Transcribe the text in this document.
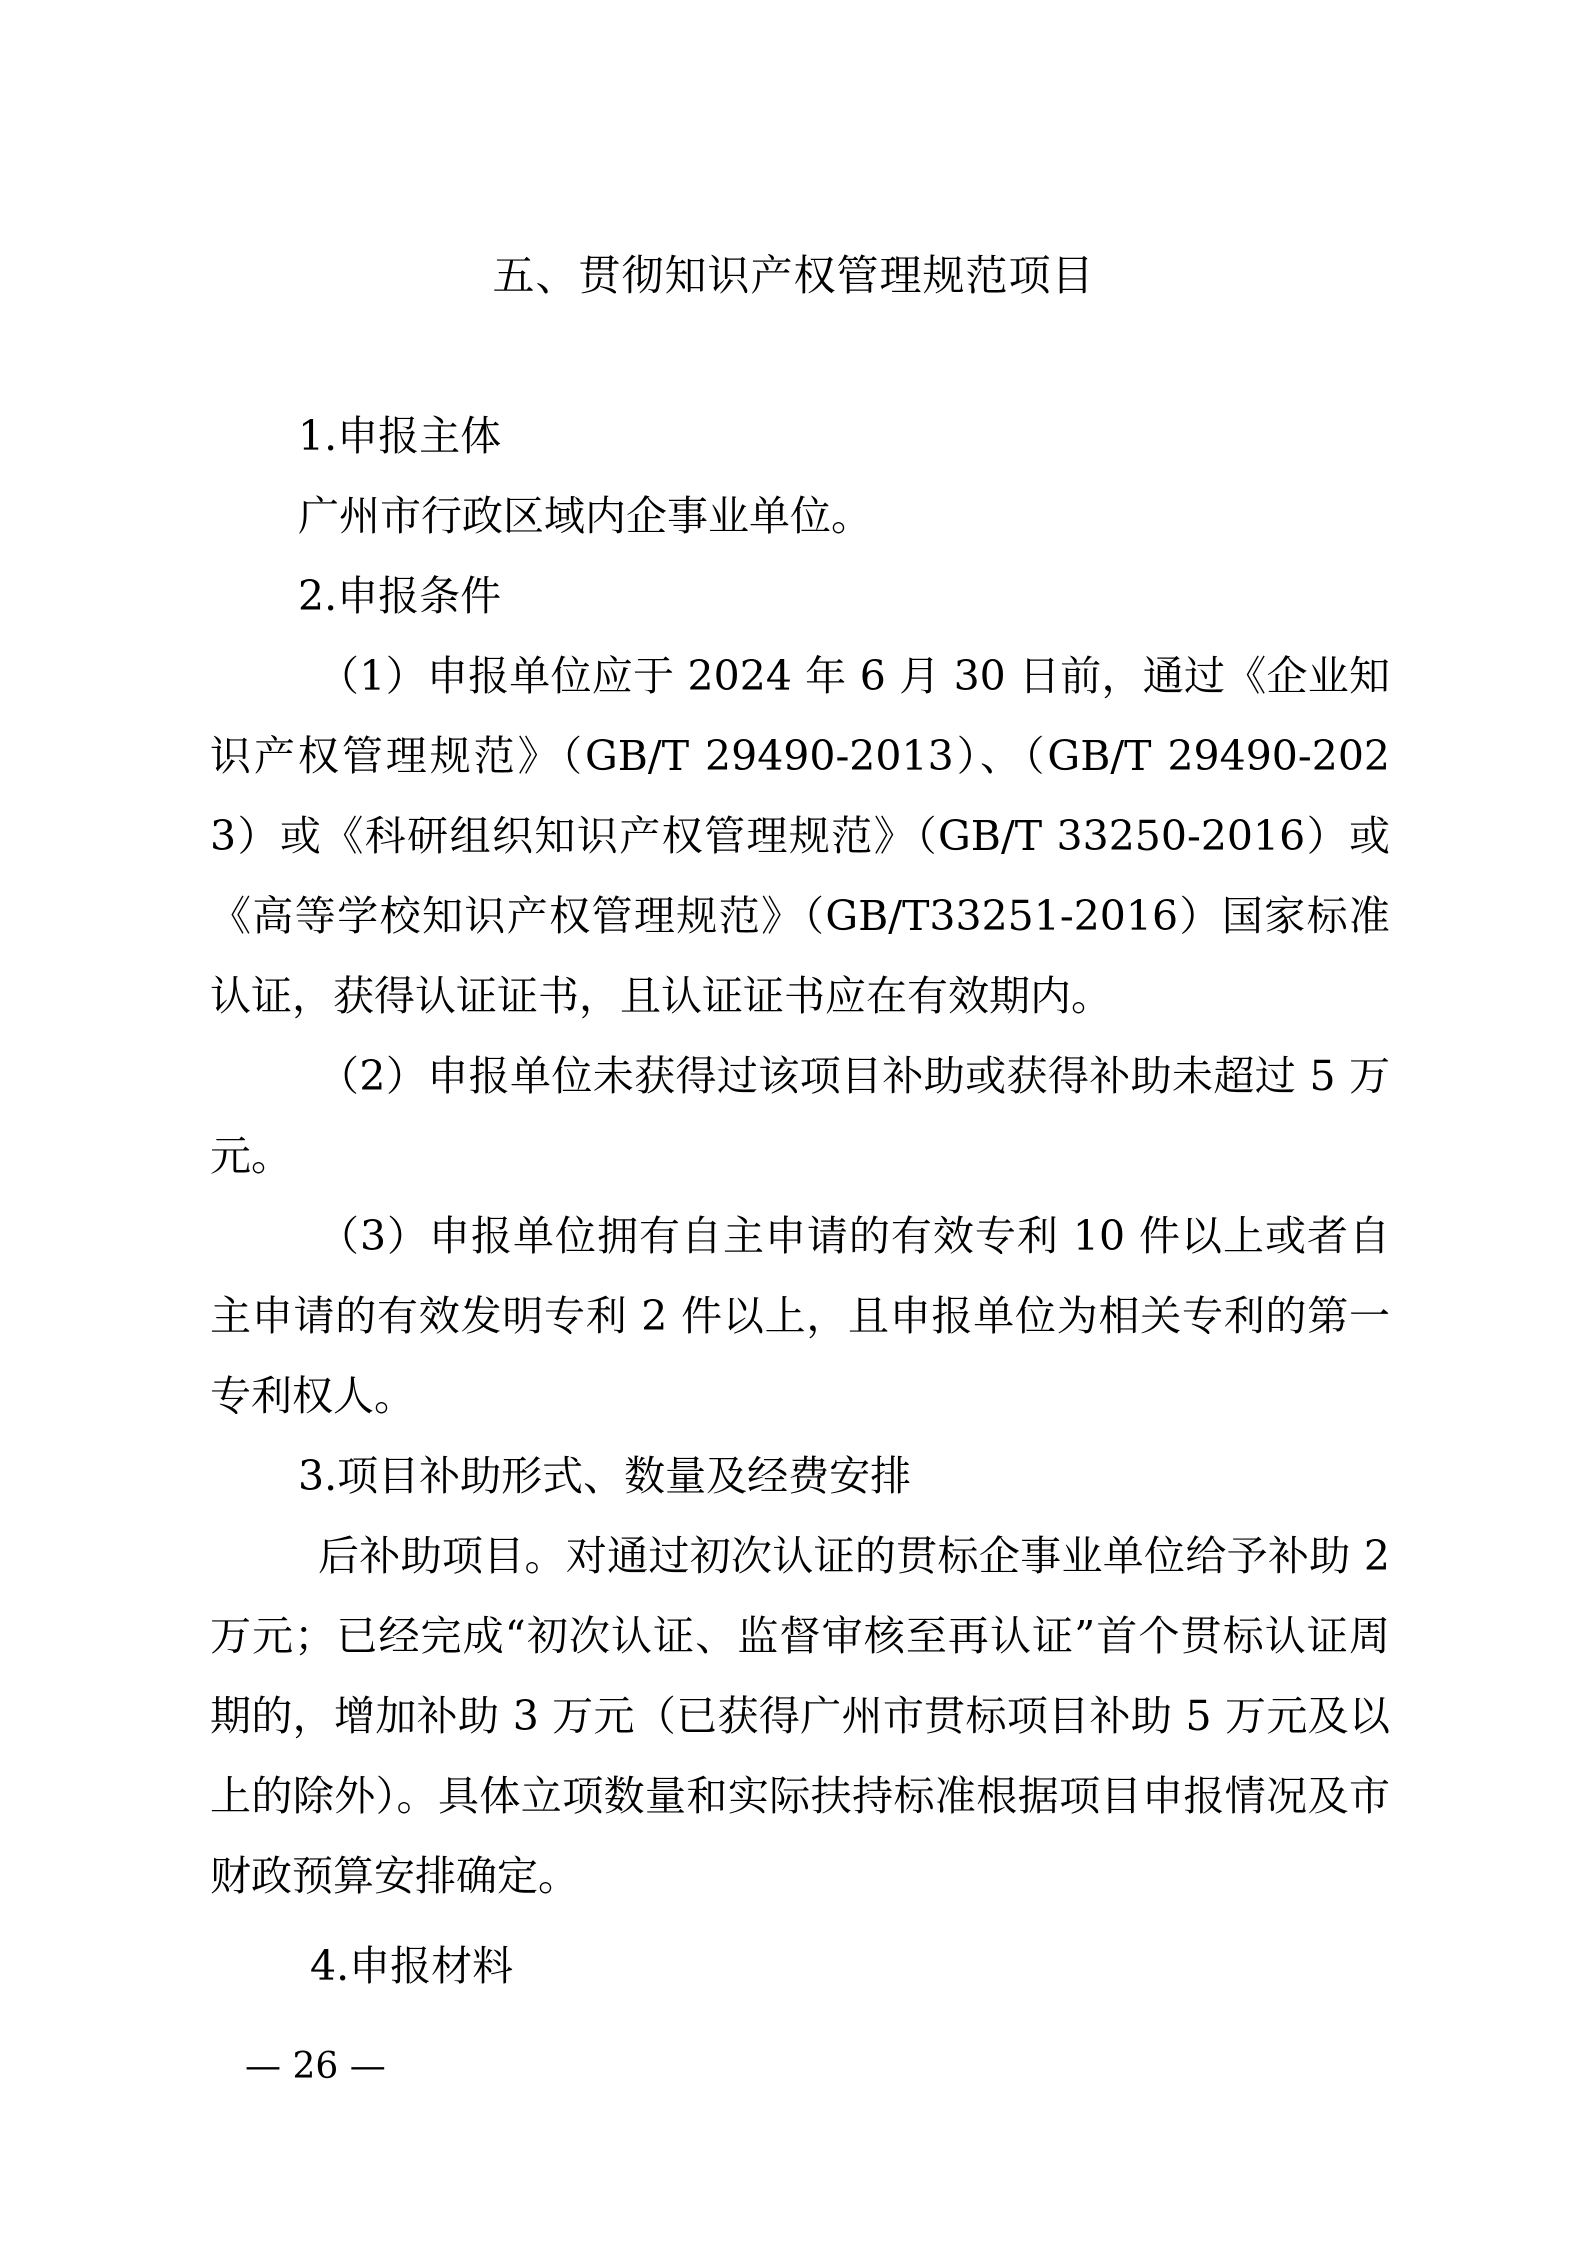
五、贯彻知识产权管理规范项目
1.申报主体
广州市行政区域内企事业单位。
2.申报条件
（1）申报单位应于 2024 年 6 月 30 日前，通过《企业知识产权管理规范》（GB/T 29490-2013）、（GB/T 29490-2023）或《科研组织知识产权管理规范》（GB/T 33250-2016）或《高等学校知识产权管理规范》（GB/T33251-2016）国家标准认证，获得认证证书，且认证证书应在有效期内。
（2）申报单位未获得过该项目补助或获得补助未超过 5 万元。
（3）申报单位拥有自主申请的有效专利 10 件以上或者自主申请的有效发明专利 2 件以上，且申报单位为相关专利的第一专利权人。
3.项目补助形式、数量及经费安排
后补助项目。对通过初次认证的贯标企事业单位给予补助 2 万元；已经完成“初次认证、监督审核至再认证”首个贯标认证周期的，增加补助 3 万元（已获得广州市贯标项目补助 5 万元及以上的除外）。具体立项数量和实际扶持标准根据项目申报情况及市财政预算安排确定。
4.申报材料
— 26 —
